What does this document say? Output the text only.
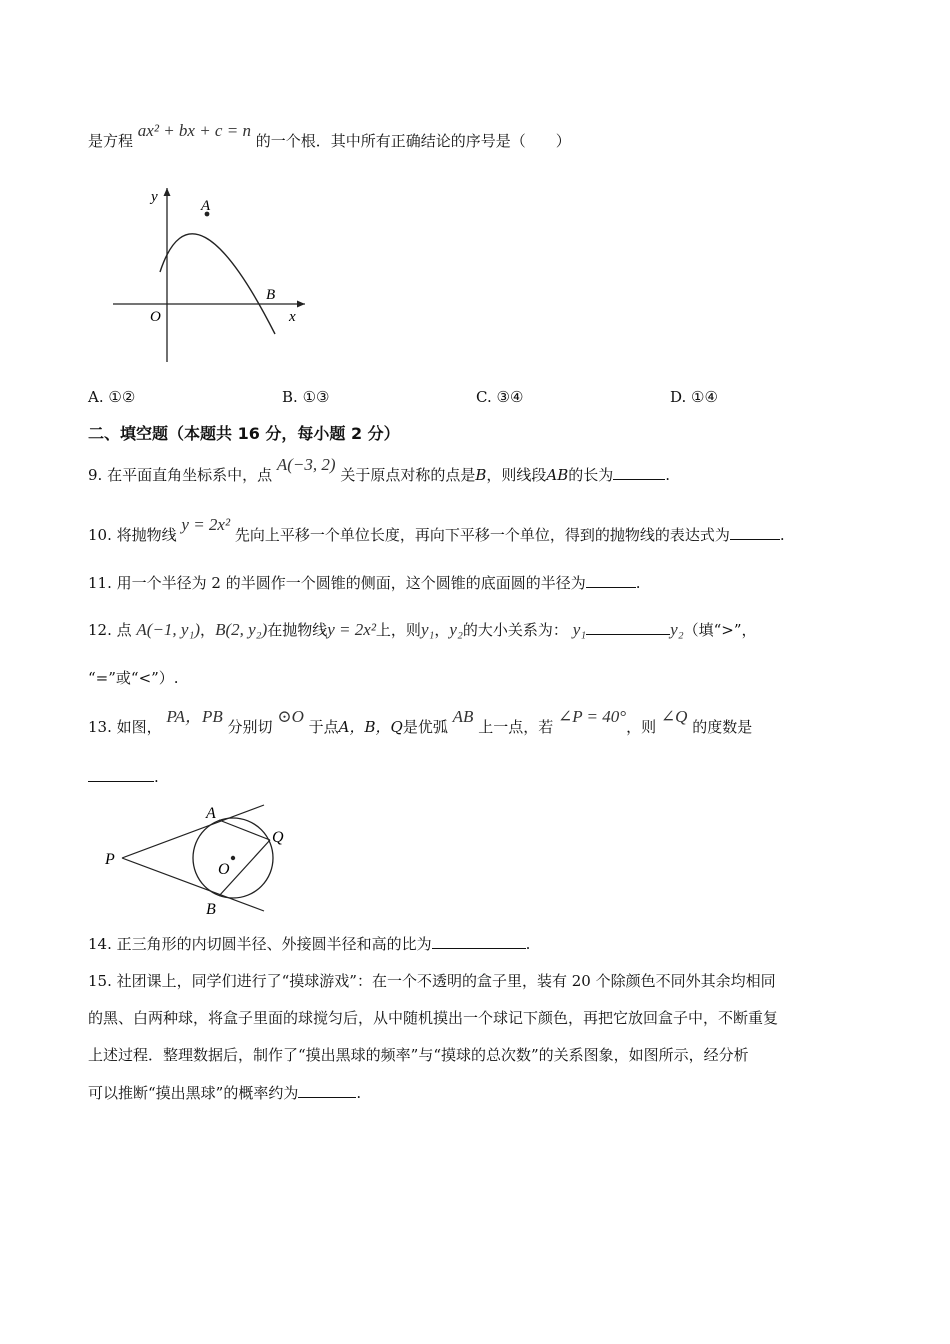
是方程 ax² + bx + c = n 的一个根．其中所有正确结论的序号是（　　）
A
B
O	x
y
A. ①②	B. ①③	C. ③④	D. ①④
二、填空题（本题共 16 分，每小题 2 分）
9. 在平面直角坐标系中，点 A(−3, 2) 关于原点对称的点是B，则线段AB的长为	.
10. 将抛物线 y = 2x² 先向上平移一个单位长度，再向下平移一个单位，得到的抛物线的表达式为	.
11. 用一个半径为 2 的半圆作一个圆锥的侧面，这个圆锥的底面圆的半径为	.
12. 点 A(−1, y₁)，B(2, y₂)在抛物线y = 2x²上，则y₁，y₂的大小关系为： y₁	y₂（填“>”，
“=”或“<”）.
13. 如图， PA，PB 分别切 ⊙O 于点A，B，Q是优弧 AB 上一点，若 ∠P = 40°，则 ∠Q 的度数是
.
P
A
B
O
Q
14. 正三角形的内切圆半径、外接圆半径和高的比为	.
15. 社团课上，同学们进行了“摸球游戏”：在一个不透明的盒子里，装有 20 个除颜色不同外其余均相同
的黑、白两种球，将盒子里面的球搅匀后，从中随机摸出一个球记下颜色，再把它放回盒子中，不断重复
上述过程．整理数据后，制作了“摸出黑球的频率”与“摸球的总次数”的关系图象，如图所示，经分析
可以推断“摸出黑球”的概率约为	.
